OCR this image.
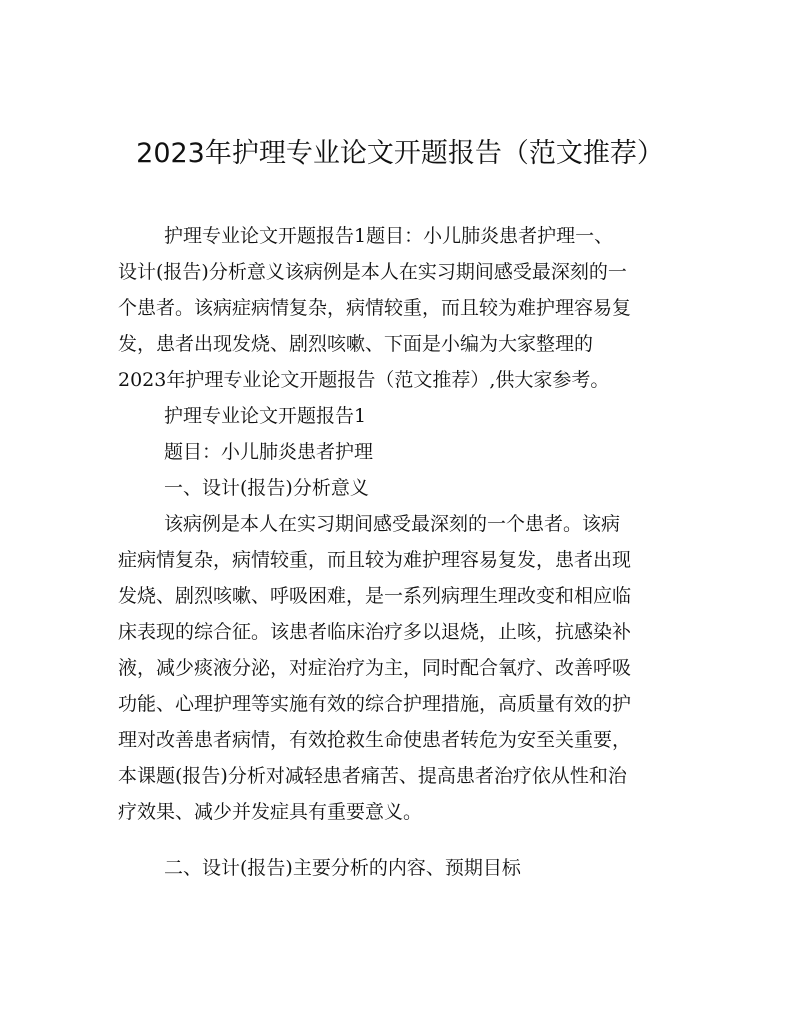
2023年护理专业论文开题报告（范文推荐）
护理专业论文开题报告1题目：小儿肺炎患者护理一、
设计(报告)分析意义该病例是本人在实习期间感受最深刻的一
个患者。该病症病情复杂，病情较重，而且较为难护理容易复
发，患者出现发烧、剧烈咳嗽、下面是小编为大家整理的
2023年护理专业论文开题报告（范文推荐）,供大家参考。
护理专业论文开题报告1
题目：小儿肺炎患者护理
一、设计(报告)分析意义
该病例是本人在实习期间感受最深刻的一个患者。该病
症病情复杂，病情较重，而且较为难护理容易复发，患者出现
发烧、剧烈咳嗽、呼吸困难，是一系列病理生理改变和相应临
床表现的综合征。该患者临床治疗多以退烧，止咳，抗感染补
液，减少痰液分泌，对症治疗为主，同时配合氧疗、改善呼吸
功能、心理护理等实施有效的综合护理措施，高质量有效的护
理对改善患者病情，有效抢救生命使患者转危为安至关重要，
本课题(报告)分析对减轻患者痛苦、提高患者治疗依从性和治
疗效果、减少并发症具有重要意义。
二、设计(报告)主要分析的内容、预期目标
